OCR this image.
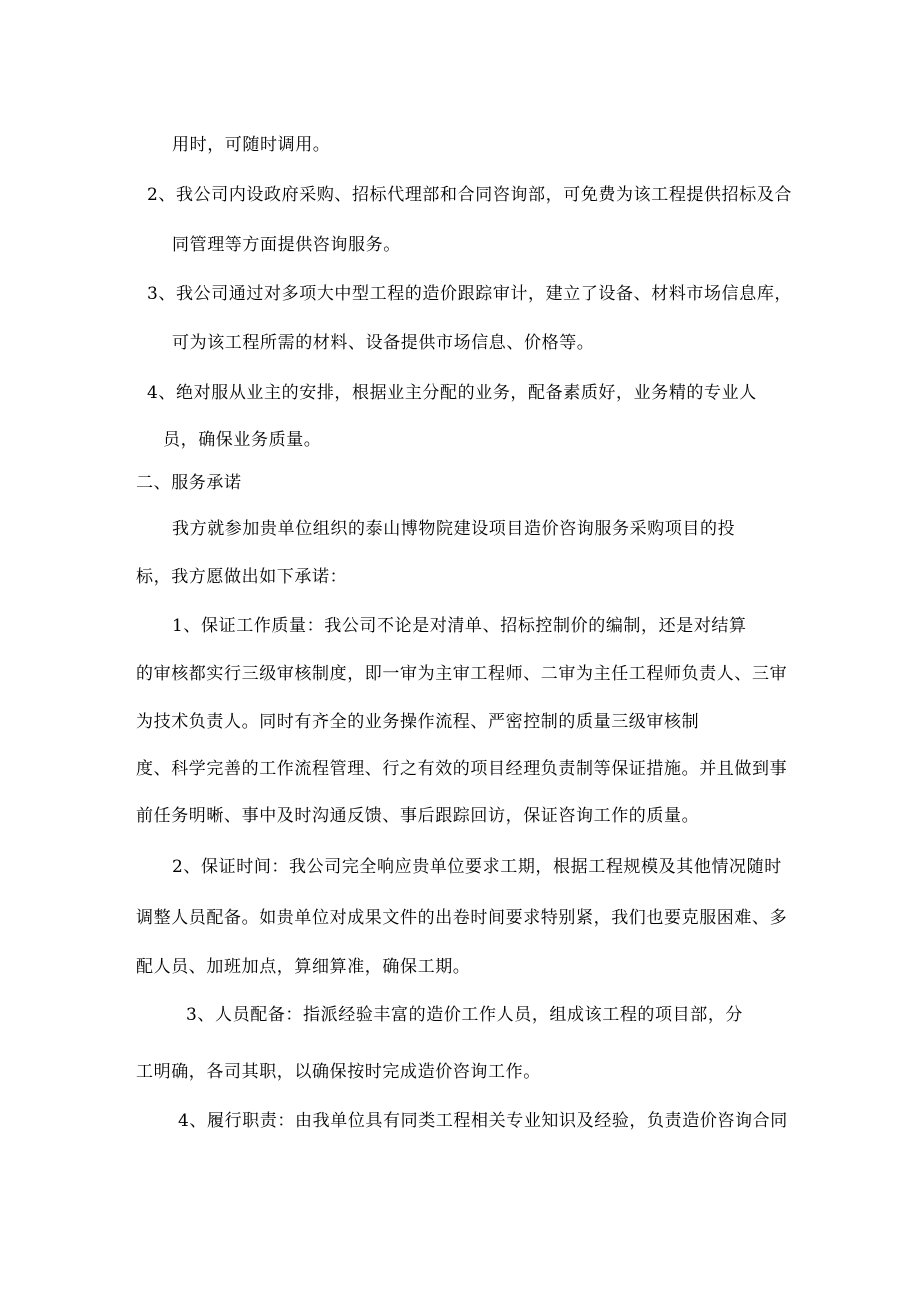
用时，可随时调用。
2、我公司内设政府采购、招标代理部和合同咨询部，可免费为该工程提供招标及合
同管理等方面提供咨询服务。
3、我公司通过对多项大中型工程的造价跟踪审计，建立了设备、材料市场信息库，
可为该工程所需的材料、设备提供市场信息、价格等。
4、绝对服从业主的安排，根据业主分配的业务，配备素质好，业务精的专业人
员，确保业务质量。
二、服务承诺
我方就参加贵单位组织的泰山博物院建设项目造价咨询服务采购项目的投
标，我方愿做出如下承诺：
1、保证工作质量：我公司不论是对清单、招标控制价的编制，还是对结算
的审核都实行三级审核制度，即一审为主审工程师、二审为主任工程师负责人、三审
为技术负责人。同时有齐全的业务操作流程、严密控制的质量三级审核制
度、科学完善的工作流程管理、行之有效的项目经理负责制等保证措施。并且做到事
前任务明晰、事中及时沟通反馈、事后跟踪回访，保证咨询工作的质量。
2、保证时间：我公司完全响应贵单位要求工期，根据工程规模及其他情况随时
调整人员配备。如贵单位对成果文件的出卷时间要求特别紧，我们也要克服困难、多
配人员、加班加点，算细算准，确保工期。
3、人员配备：指派经验丰富的造价工作人员，组成该工程的项目部，分
工明确，各司其职，以确保按时完成造价咨询工作。
4、履行职责：由我单位具有同类工程相关专业知识及经验，负责造价咨询合同
